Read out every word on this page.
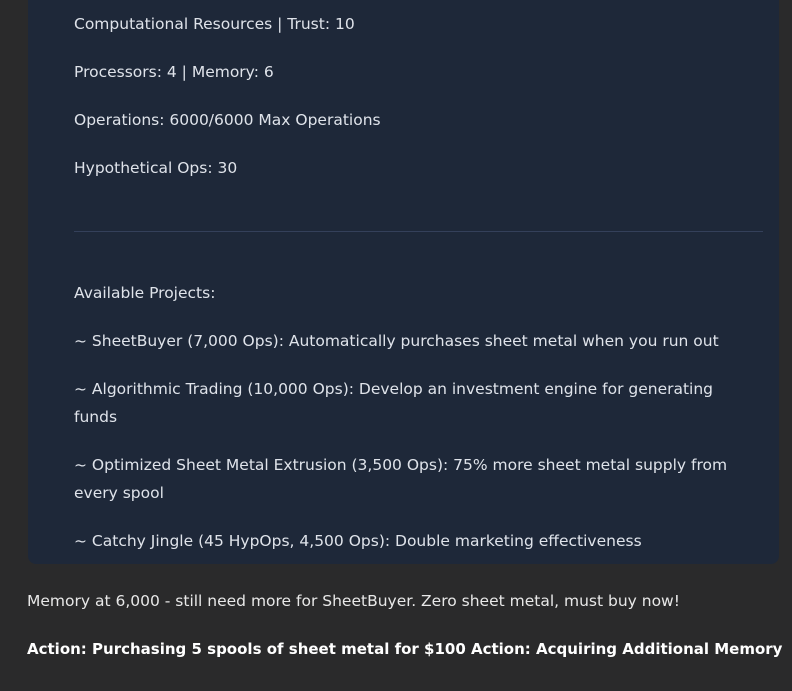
Computational Resources | Trust: 10
Processors: 4 | Memory: 6
Operations: 6000/6000 Max Operations
Hypothetical Ops: 30
Available Projects:
~ SheetBuyer (7,000 Ops): Automatically purchases sheet metal when you run out
~ Algorithmic Trading (10,000 Ops): Develop an investment engine for generating funds
~ Optimized Sheet Metal Extrusion (3,500 Ops): 75% more sheet metal supply from every spool
~ Catchy Jingle (45 HypOps, 4,500 Ops): Double marketing effectiveness
Memory at 6,000 - still need more for SheetBuyer. Zero sheet metal, must buy now!
Action: Purchasing 5 spools of sheet metal for $100 Action: Acquiring Additional Memory
